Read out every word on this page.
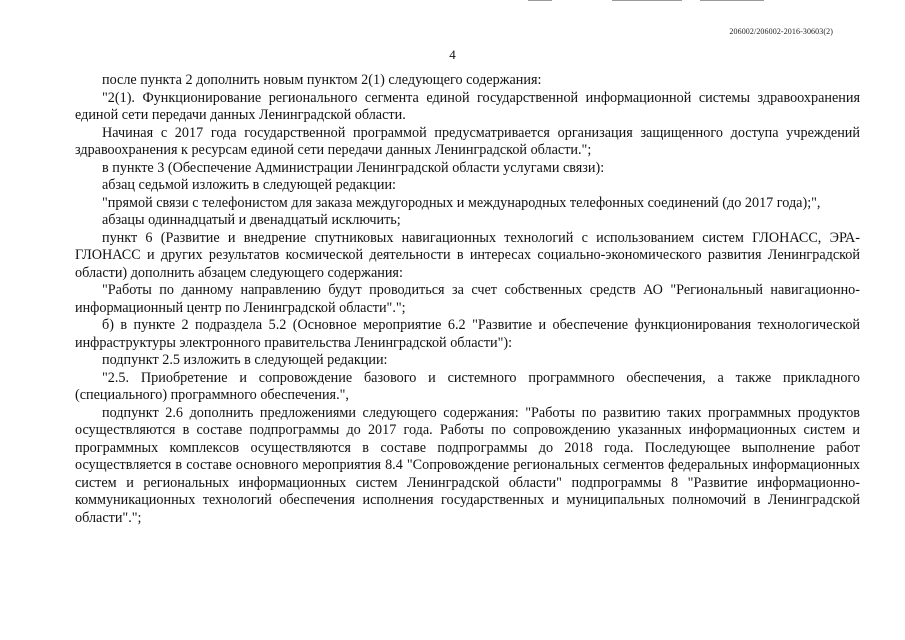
206002/206002-2016-30603(2)
4

после пункта 2 дополнить новым пунктом 2(1) следующего содержания:

"2(1). Функционирование регионального сегмента единой государственной информационной системы здравоохранения единой сети передачи данных Ленинградской области.

Начиная с 2017 года государственной программой предусматривается организация защищенного доступа учреждений здравоохранения к ресурсам единой сети передачи данных Ленинградской области.";

в пункте 3 (Обеспечение Администрации Ленинградской области услугами связи):

абзац седьмой изложить в следующей редакции:

"прямой связи с телефонистом для заказа междугородных и международных телефонных соединений (до 2017 года);",

абзацы одиннадцатый и двенадцатый исключить;

пункт 6 (Развитие и внедрение спутниковых навигационных технологий с использованием систем ГЛОНАСС, ЭРА-ГЛОНАСС и других результатов космической деятельности в интересах социально-экономического развития Ленинградской области) дополнить абзацем следующего содержания:

"Работы по данному направлению будут проводиться за счет собственных средств АО "Региональный навигационно-информационный центр по Ленинградской области".";

б) в пункте 2 подраздела 5.2 (Основное мероприятие 6.2 "Развитие и обеспечение функционирования технологической инфраструктуры электронного правительства Ленинградской области"):

подпункт 2.5 изложить в следующей редакции:

"2.5. Приобретение и сопровождение базового и системного программного обеспечения, а также прикладного (специального) программного обеспечения.",

подпункт 2.6 дополнить предложениями следующего содержания: "Работы по развитию таких программных продуктов осуществляются в составе подпрограммы до 2017 года. Работы по сопровождению указанных информационных систем и программных комплексов осуществляются в составе подпрограммы до 2018 года. Последующее выполнение работ осуществляется в составе основного мероприятия 8.4 "Сопровождение региональных сегментов федеральных информационных систем и региональных информационных систем Ленинградской области" подпрограммы 8 "Развитие информационно-коммуникационных технологий обеспечения исполнения государственных и муниципальных полномочий в Ленинградской области".";
